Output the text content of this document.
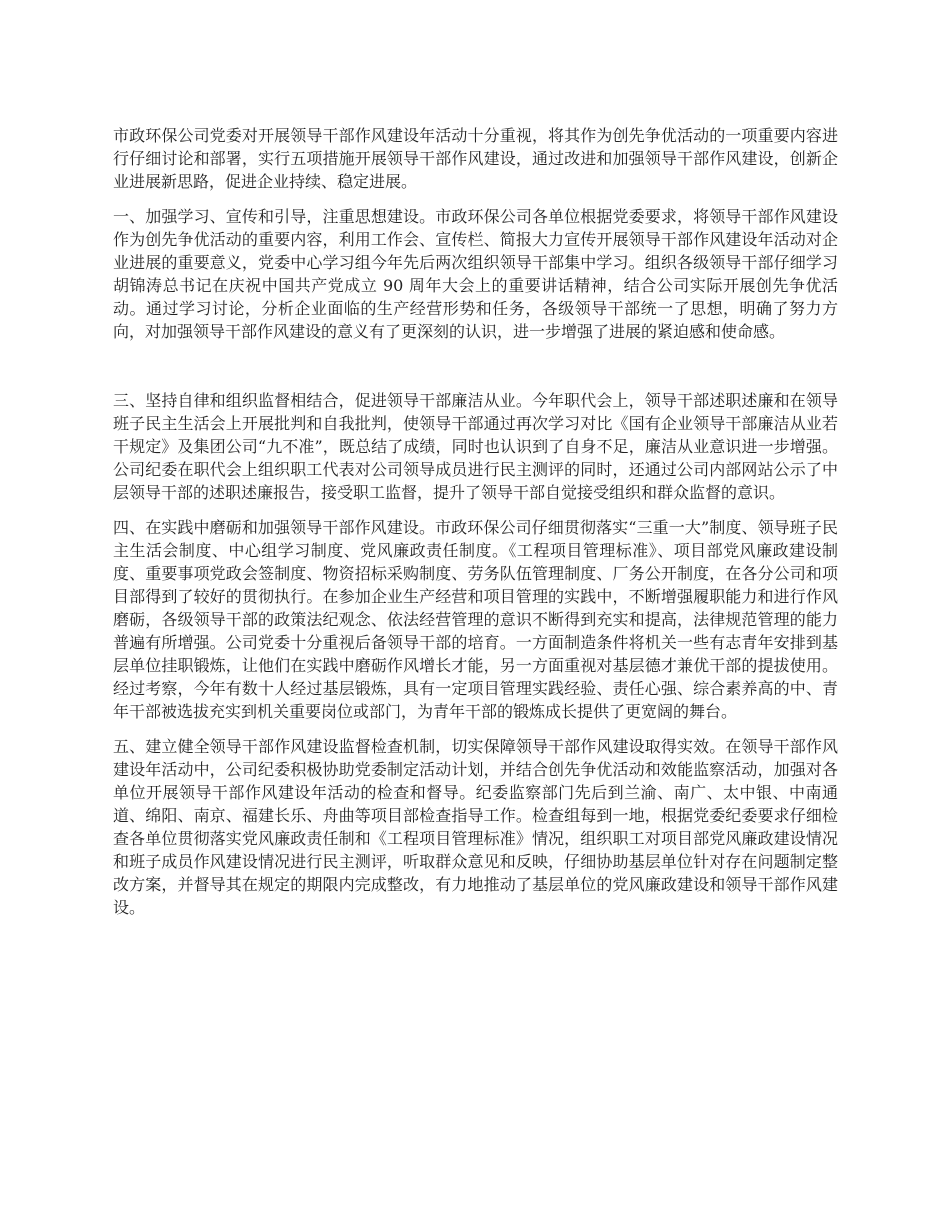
市政环保公司党委对开展领导干部作风建设年活动十分重视，将其作为创先争优活动的一项重要内容进行仔细讨论和部署，实行五项措施开展领导干部作风建设，通过改进和加强领导干部作风建设，创新企业进展新思路，促进企业持续、稳定进展。

一、加强学习、宣传和引导，注重思想建设。市政环保公司各单位根据党委要求，将领导干部作风建设作为创先争优活动的重要内容，利用工作会、宣传栏、简报大力宣传开展领导干部作风建设年活动对企业进展的重要意义，党委中心学习组今年先后两次组织领导干部集中学习。组织各级领导干部仔细学习胡锦涛总书记在庆祝中国共产党成立 90 周年大会上的重要讲话精神，结合公司实际开展创先争优活动。通过学习讨论，分析企业面临的生产经营形势和任务，各级领导干部统一了思想，明确了努力方向，对加强领导干部作风建设的意义有了更深刻的认识，进一步增强了进展的紧迫感和使命感。

三、坚持自律和组织监督相结合，促进领导干部廉洁从业。今年职代会上，领导干部述职述廉和在领导班子民主生活会上开展批判和自我批判，使领导干部通过再次学习对比《国有企业领导干部廉洁从业若干规定》及集团公司“九不准”，既总结了成绩，同时也认识到了自身不足，廉洁从业意识进一步增强。公司纪委在职代会上组织职工代表对公司领导成员进行民主测评的同时，还通过公司内部网站公示了中层领导干部的述职述廉报告，接受职工监督，提升了领导干部自觉接受组织和群众监督的意识。

四、在实践中磨砺和加强领导干部作风建设。市政环保公司仔细贯彻落实“三重一大”制度、领导班子民主生活会制度、中心组学习制度、党风廉政责任制度。《工程项目管理标准》、项目部党风廉政建设制度、重要事项党政会签制度、物资招标采购制度、劳务队伍管理制度、厂务公开制度，在各分公司和项目部得到了较好的贯彻执行。在参加企业生产经营和项目管理的实践中，不断增强履职能力和进行作风磨砺，各级领导干部的政策法纪观念、依法经营管理的意识不断得到充实和提高，法律规范管理的能力普遍有所增强。公司党委十分重视后备领导干部的培育。一方面制造条件将机关一些有志青年安排到基层单位挂职锻炼，让他们在实践中磨砺作风增长才能，另一方面重视对基层德才兼优干部的提拔使用。经过考察，今年有数十人经过基层锻炼，具有一定项目管理实践经验、责任心强、综合素养高的中、青年干部被选拔充实到机关重要岗位或部门，为青年干部的锻炼成长提供了更宽阔的舞台。

五、建立健全领导干部作风建设监督检查机制，切实保障领导干部作风建设取得实效。在领导干部作风建设年活动中，公司纪委积极协助党委制定活动计划，并结合创先争优活动和效能监察活动，加强对各单位开展领导干部作风建设年活动的检查和督导。纪委监察部门先后到兰渝、南广、太中银、中南通道、绵阳、南京、福建长乐、舟曲等项目部检查指导工作。检查组每到一地，根据党委纪委要求仔细检查各单位贯彻落实党风廉政责任制和《工程项目管理标准》情况，组织职工对项目部党风廉政建设情况和班子成员作风建设情况进行民主测评，听取群众意见和反映，仔细协助基层单位针对存在问题制定整改方案，并督导其在规定的期限内完成整改，有力地推动了基层单位的党风廉政建设和领导干部作风建设。
